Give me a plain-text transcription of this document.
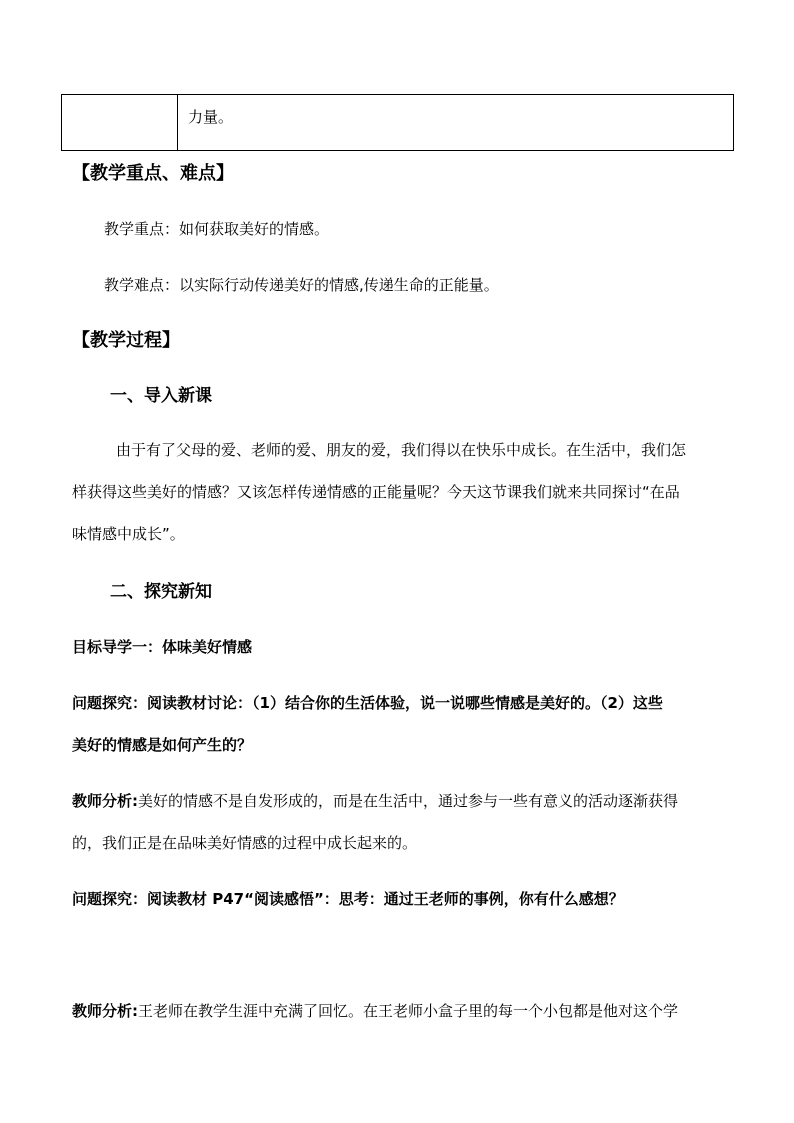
力量。
【教学重点、难点】
教学重点：如何获取美好的情感。
教学难点：以实际行动传递美好的情感,传递生命的正能量。
【教学过程】
一、导入新课
由于有了父母的爱、老师的爱、朋友的爱，我们得以在快乐中成长。在生活中，我们怎
样获得这些美好的情感？又该怎样传递情感的正能量呢？今天这节课我们就来共同探讨“在品
味情感中成长”。
二、探究新知
目标导学一：体味美好情感
问题探究：阅读教材讨论：（1）结合你的生活体验，说一说哪些情感是美好的。（2）这些
美好的情感是如何产生的？
教师分析:美好的情感不是自发形成的，而是在生活中，通过参与一些有意义的活动逐渐获得
的，我们正是在品味美好情感的过程中成长起来的。
问题探究：阅读教材 P47“阅读感悟”：思考：通过王老师的事例，你有什么感想？
教师分析:王老师在教学生涯中充满了回忆。在王老师小盒子里的每一个小包都是他对这个学
